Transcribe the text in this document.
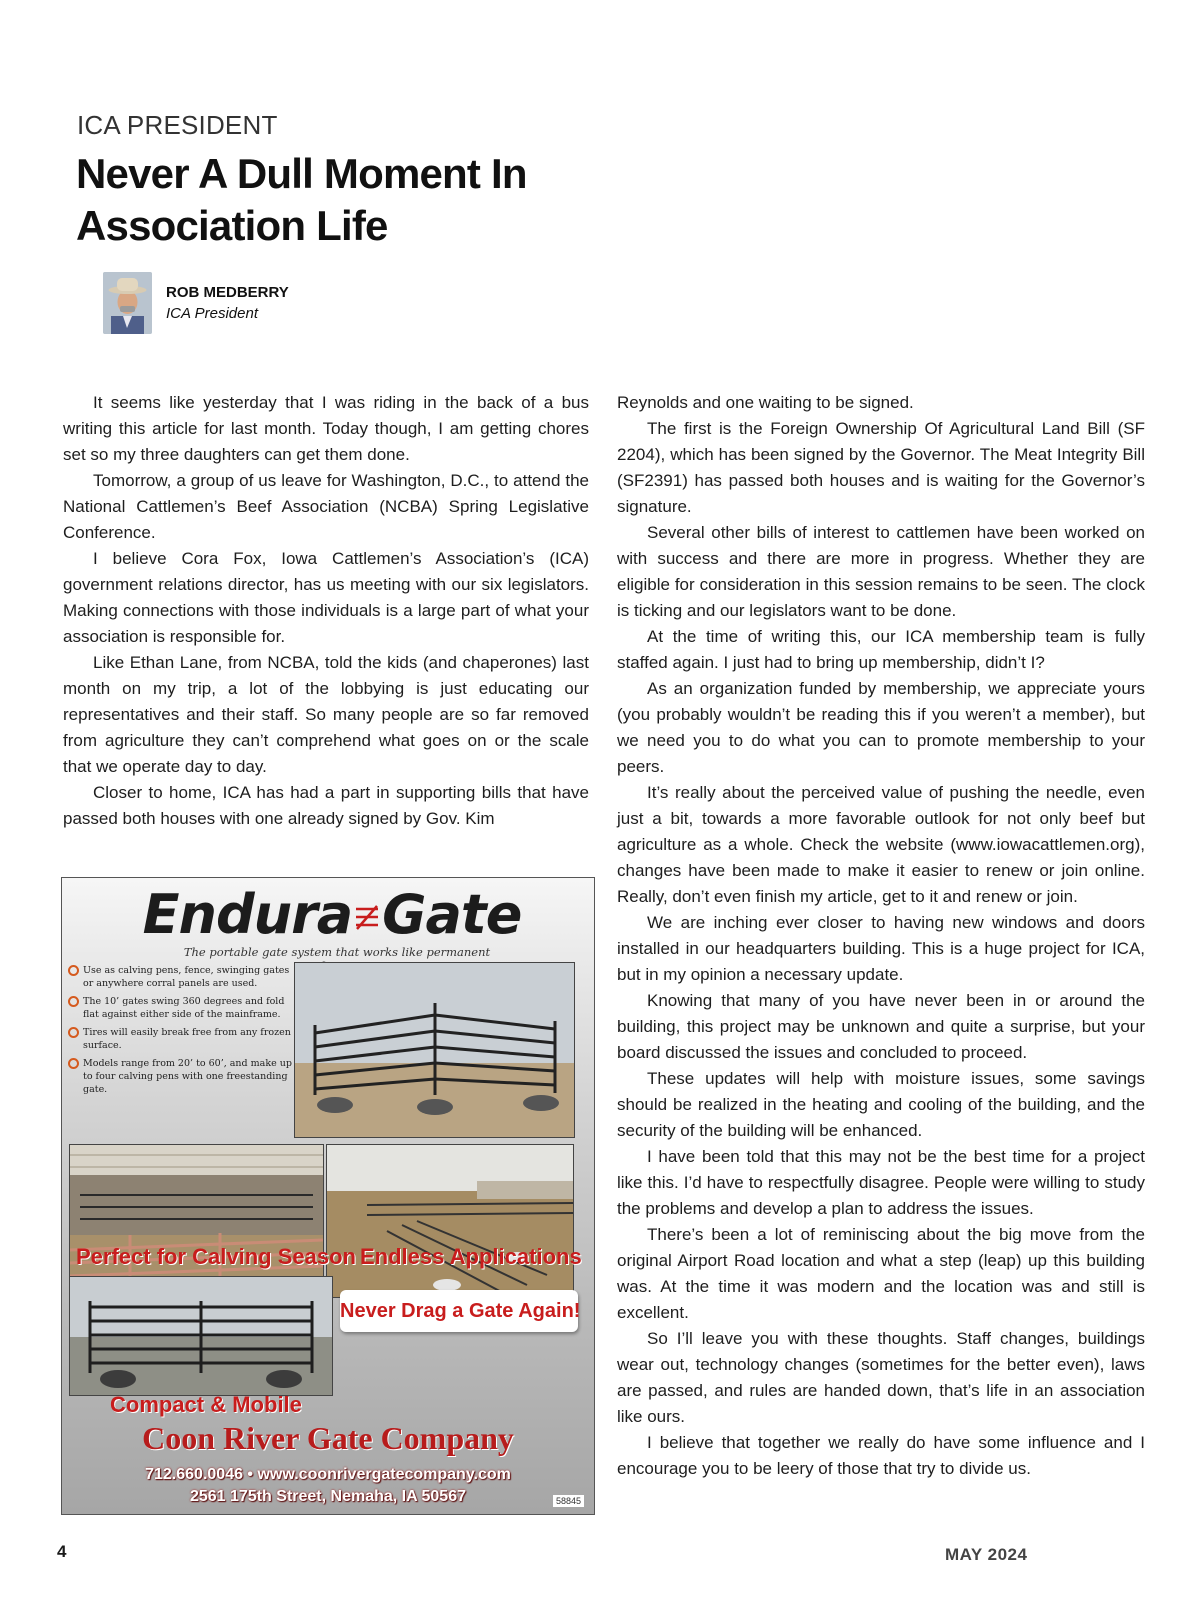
ICA PRESIDENT
Never A Dull Moment In Association Life
ROB MEDBERRY
ICA President

It seems like yesterday that I was riding in the back of a bus writing this article for last month. Today though, I am getting chores set so my three daughters can get them done.

Tomorrow, a group of us leave for Washington, D.C., to attend the National Cattlemen’s Beef Association (NCBA) Spring Legislative Conference.

I believe Cora Fox, Iowa Cattlemen’s Association’s (ICA) government relations director, has us meeting with our six legislators. Making connections with those individuals is a large part of what your association is responsible for.

Like Ethan Lane, from NCBA, told the kids (and chaperones) last month on my trip, a lot of the lobbying is just educating our representatives and their staff. So many people are so far removed from agriculture they can’t comprehend what goes on or the scale that we operate day to day.

Closer to home, ICA has had a part in supporting bills that have passed both houses with one already signed by Gov. Kim

Endura Gate
The portable gate system that works like permanent
Use as calving pens, fence, swinging gates or anywhere corral panels are used.
The 10’ gates swing 360 degrees and fold flat against either side of the mainframe.
Tires will easily break free from any frozen surface.
Models range from 20’ to 60’, and make up to four calving pens with one freestanding gate.
Perfect for Calving Season Endless Applications
Never Drag a Gate Again!
Compact & Mobile
Coon River Gate Company
712.660.0046 • www.coonrivergatecompany.com
2561 175th Street, Nemaha, IA 50567	58845

Reynolds and one waiting to be signed.

The first is the Foreign Ownership Of Agricultural Land Bill (SF 2204), which has been signed by the Governor. The Meat Integrity Bill (SF2391) has passed both houses and is waiting for the Governor’s signature.

Several other bills of interest to cattlemen have been worked on with success and there are more in progress. Whether they are eligible for consideration in this session remains to be seen. The clock is ticking and our legislators want to be done.

At the time of writing this, our ICA membership team is fully staffed again. I just had to bring up membership, didn’t I?

As an organization funded by membership, we appreciate yours (you probably wouldn’t be reading this if you weren’t a member), but we need you to do what you can to promote membership to your peers.

It’s really about the perceived value of pushing the needle, even just a bit, towards a more favorable outlook for not only beef but agriculture as a whole. Check the website (www.iowacattlemen.org), changes have been made to make it easier to renew or join online. Really, don’t even finish my article, get to it and renew or join.

We are inching ever closer to having new windows and doors installed in our headquarters building. This is a huge project for ICA, but in my opinion a necessary update.

Knowing that many of you have never been in or around the building, this project may be unknown and quite a surprise, but your board discussed the issues and concluded to proceed.

These updates will help with moisture issues, some savings should be realized in the heating and cooling of the building, and the security of the building will be enhanced.

I have been told that this may not be the best time for a project like this. I’d have to respectfully disagree. People were willing to study the problems and develop a plan to address the issues.

There’s been a lot of reminiscing about the big move from the original Airport Road location and what a step (leap) up this building was. At the time it was modern and the location was and still is excellent.

So I’ll leave you with these thoughts. Staff changes, buildings wear out, technology changes (sometimes for the better even), laws are passed, and rules are handed down, that’s life in an association like ours.

I believe that together we really do have some influence and I encourage you to be leery of those that try to divide us.

4	MAY 2024
